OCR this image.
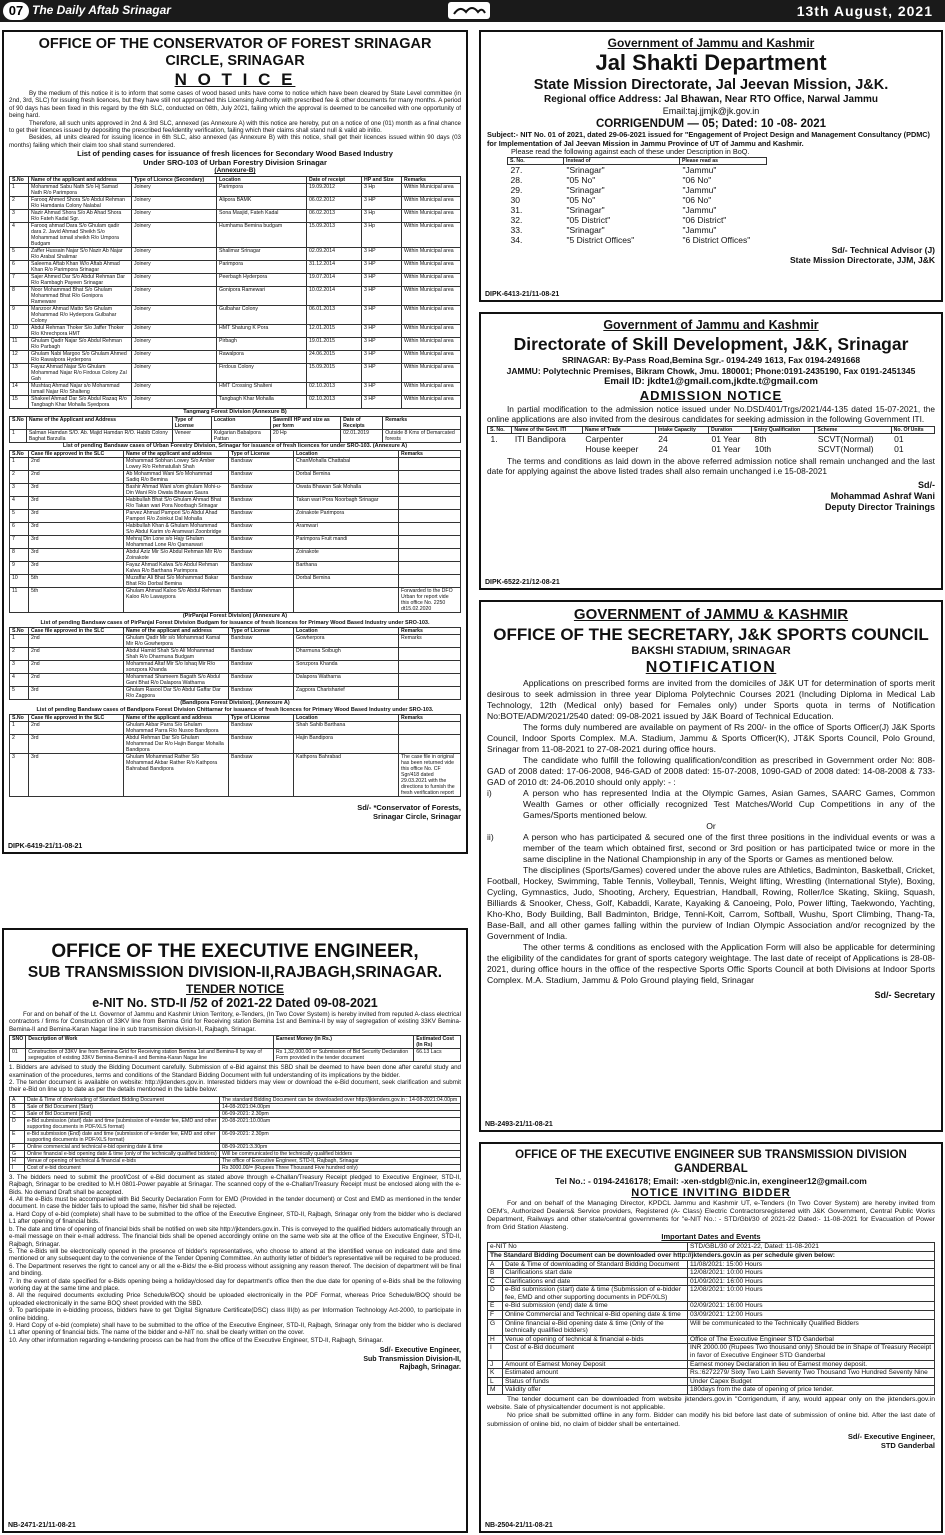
07 The Daily Aftab Srinagar	13th August, 2021
OFFICE OF THE CONSERVATOR OF FOREST SRINAGAR CIRCLE, SRINAGAR
N O T I C E

By the medium of this notice it is to inform that some cases of wood based units have come to notice which have been cleared by State Level committee (in 2nd, 3rd, SLC) for issuing fresh licences, but they have still not approached this Licensing Authority with prescribed fee & other documents for many months. A period of 90 days has been fixed in this regard by the 6th SLC, conducted on 08th, July 2021, failing which the approval is deemed to be cancelled with one opportunity of being hard.

Therefore, all such units approved in 2nd & 3rd SLC, annexed (as Annexure A) with this notice are hereby, put on a notice of one (01) month as a final chance to get their licences issued by depositing the prescribed fee/identity verification, failing which their claims shall stand null & valid ab initio.

Besides, all units cleared for issuing licence in 6th SLC, also annexed (as Annexure B) with this notice, shall get their licences issued within 90 days (03 months) failing which their claim too shall stand surrendered.

List of pending cases for issuance of fresh licences for Secondary Wood Based Industry
Under SRO-103 of Urban Forestry Division Srinagar
(Annexure-B)
S.No	Name of the applicant and address	Type of Licence (Secondary)	Location	Date of receipt	HP and Size	Remarks
1	Mohammad Sabu Nath S/o Hj Samad Nath R/o Parimpora	Joinery	Parimpora	19.09.2012	3 Hp	Within Municipal area
2	Farooq Ahmed Shora S/o Abdul Rehman R/o Hamdania Colony Nalabal	Joinery	Alipora BAMK	06.02.2012	3 HP	Within Municipal area
3	Nazir Ahmad Shora S/o Ab Ahad Shora R/o Fateh Kadal Sgr.	Joinery	Sona Masjid, Fateh Kadal	06.02.2013	3 Hp	Within Municipal area
4	Farooq ahmad Dara S/o Ghulam qadir dara 2. Javid Ahmad Sheikh S/o Mohammad ismail sheikh R/o Umpora Budgam	Joinery	Humhama Bemina budgam	15.09.2013	3 Hp	Within Municipal area
5	Zaffer Hussain Najar S/o Nazir Ab Najar R/o Arabal Shalimar	Joinery	Shalimar Srinagar	02.09.2014	3 HP	Within Municipal area
6	Saleema Aftab Khan W/o Aftab Ahmad Khan R/o Parimpora Srinagar	Joinery	Parimpora	31.12.2014	3 HP	Within Municipal area
7	Sajer Ahmed Dar S/o Abdul Rehman Dar R/o Rambagh Payeen Srinagar	Joinery	Peerbagh Hyderpora	19.07.2014	3 HP	Within Municipal area
8	Noor Mohammad Bhat S/o Ghulam Mohammad Bhat R/o Gonipora Rameware	Joinery	Gonipora Ramewari	10.02.2014	3 HP	Within Municipal area
9	Manzoor Ahmad Matto S/o Ghulam Mohammad R/o Hyderpora Gulbahar Colony	Joinery	Gulbahar Colony	06.01.2013	3 HP	Within Municipal area
10	Abdul Rehman Thoker S/o Jaffer Thoker R/o Khrechpora HMT	Joinery	HMT Shatung K Pora	12.01.2015	3 HP	Within Municipal area
11	Ghulam Qadir Najar S/o Abdul Rehman R/o Parbagh	Joinery	Pirbagh	19.01.2015	3 HP	Within Municipal area
12	Ghulam Nabi Margoo S/o Ghulam Ahmed R/o Rawalpora Hyderpora	Joinery	Rawalpora	24.06.2015	3 HP	Within Municipal area
13	Fayaz Ahmad Najar S/o Ghulam Mohammad Najar R/o Firdous Colony Zal Gah	Joinery	Firdous Colony	15.09.2015	3 HP	Within Municipal area
14	Mushtaq Ahmad Najar s/o Mohammad Ismail Najar R/o Shalteng	Joinery	HMT Crossing Shalteni	02.10.2013	3 HP	Within Municipal area
15	Shakeel Ahmad Dar S/o Abdul Razaq R/o Tangbagh Khar Mohalla Syedpora	Joinery	Tangbagh Khar Mohalla	02.10.2013	3 HP	Within Municipal area
Tangmarg Forest Division (Annexure B)
S.No	Name of the Applicant and Address	Type of License	Location	Sawmill HP and size as per form	Date of Receipts	Remarks
1	Salman Hamdan S/O. Ab. Majid Hamdan R/O. Habib Colony Baghat Barzulla	Veneer	Kulgarian Babalpora Pattan	20 Hp	02.01.2019	Outside 8 Kms of Demarcated forests
List of pending Bandsaw cases of Urban Forestry Division, Srinagar for issuance of fresh licences for under SRO-103. (Annexure A)
S.No	Case file approved in the SLC	Name of the applicant and address	Type of License	Location	Remarks
1	2nd	Mohammad Sobhan Lowey S/o Amber Lowey R/o Rehmatullah Shah	Bandsaw	ChanMohalla Chattabal	
2	2nd	Ab Mohammad Wani S/o Mohammad Sadiq R/o Bemina	Bandsaw	Dorbal Bemina	
3	3rd	Bashir Ahmad Wani s/om ghulam Mohi-u-Din Wani R/o Owata Bhawan Saura	Bandsaw	Owata Bhawan Sak Mohalla	
4	3rd	Habibullah Bhat S/o Ghulam Ahmad Bhat R/o Takan wari Pora Noorbagh Srinagar	Bandsaw	Takan wari Pora Noorbagh Srinagar	
5	3rd	Parvez Ahmad Pampori S/o Abdul Ahad Pampori R/o Zoinkut Dal Mohalla	Bandsaw	Zoinakote Parimpora	
6	3rd	Habibullah Khan & Ghulam Mohammad S/o Abdul Karim r/o Aramwari Zoonbridge	Bandsaw	Aramwari	
7	3rd	Mehraj Din Lone s/o Hajy Ghulam Mohammad Lone R/o Qamarwari	Bandsaw	Parimpora Fruit mandi	
8	3rd	Abdul Aziz Mir S/o Abdul Rehman Mir R/o Zoinakote	Bandsaw	Zoinakote	
9	3rd	Fayaz Ahmad Kalwa S/o Abdul Rehman Kalwa R/o Barthana Parimpora	Bandsaw	Barthana	
10	5th	Muzaffar Ali Bhat S/o Mohammad Bakar Bhat R/o Dorbal Bemina	Bandsaw	Dorbal Bemina	
11	5th	Ghulam Ahmad Kaloo S/o Abdul Rehman Kaloo R/o Lawaypora	Bandsaw		Forwarded to the DFO Urban for report vide this office No. 2250 dt15.02.2020
(PirPanjal Forest Division) (Annexure A)
List of pending Bandsaw cases of PirPanjal Forest Division Budgam for issuance of fresh licences for Primary Wood Based Industry under SRO-103.
S.No	Case file approved in the SLC	Name of the applicant and address	Type of License	Location	Remarks
1	2nd	Ghulam Qadir Mir s/o Mohammad Kamal Mir R/o Gowherpora	Bandsaw	Gowherpora	Remarks
2	2nd	Abdul Hamid Shah S/o Ali Mohammad Shah R/o Dharmuna Budgam	Bandsaw	Dharmuna Soibugh	
3	2nd	Mohammad Altaf Mir S/o Ishaq Mir R/o sonzpora Khanda	Bandsaw	Sonzpora Khanda	
4	2nd	Mohammad Shameem Bagath S/o Abdul Gani Bhat R/o Dalapora Watharna	Bandsaw	Dalapora Watharna	
5	3rd	Ghulam Rasool Dar S/o Abdul Gaffar Dar R/o Zagpora	Bandsaw	Zagpora Charisharief	
(Bandipora Forest Division), (Annexure A)
List of pending Bandsaw cases of Bandipora Forest Division Chittarnar for issuance of fresh licences for Primary Wood Based Industry under SRO-103.
S.No	Case file approved in the SLC	Name of the applicant and address	Type of License	Location	Remarks
1	2nd	Ghulam Akbar Parra S/o Ghulam Mohammad Parra R/o Nusoo Bandipora	Bandsaw	Shah Sahib Barthana	
2	3rd	Abdul Rehman Dar S/o Ghulam Mohammad Dar R/o Hajin Bangar Mohalla Bandipora	Bandsaw	Hajin Bandipora	
3	3rd	Ghulam Mohammad Rather S/o Mohammad Akbar Rather R/o Kathpora Bahrabad Bandipora	Bandsaw	Kathpora Bahrabad	The case file in original has been returned vide this office No. CF Sgr/418 dated 29.03.2021 with the directions to furnish the fresh verification report
Sd/- *Conservator of Forests,
Srinagar Circle, Srinagar
DIPK-6419-21/11-08-21
OFFICE OF THE EXECUTIVE ENGINEER,
SUB TRANSMISSION DIVISION-II,RAJBAGH,SRINAGAR.
TENDER NOTICE
e-NIT No. STD-II /52 of 2021-22 Dated 09-08-2021

For and on behalf of the Lt. Governor of Jammu and Kashmir Union Territory, e-Tenders, (In Two Cover System) is hereby invited from reputed A-class electrical contractors / firms for Construction of 33KV line from Bemina Grid for Receiving station Bemina 1st and Bemina-II by way of segregation of existing 33KV Bemina-Bemina-II and Bemina-Karan Nagar line in sub transmission division-II, Rajbagh, Srinagar.

SNO	Description of Work	Earnest Money (in Rs.)	Estimated Cost (In Rs)
01	Construction of 33KV line from Bemina Grid for Receiving station Bemina 1st and Bemina-II by way of segregation of existing 33KV Bemina-Bemina-II and Bemina-Karan Nagar line	Rs 1,32,000.00 or Submission of Bid Security Declaration Form provided in the tender document	66.13 Lacs

1. Bidders are advised to study the Bidding Document carefully. Submission of e-Bid against this SBD shall be deemed to have been done after careful study and examination of the procedures, terms and conditions of the Standard Bidding Document with full understanding of its implications by the bidder.

2. The tender document is available on website: http://jktenders.gov.in. Interested bidders may view or download the e-Bid document, seek clarification and submit their e-Bid on line up to date as per the details mentioned in the table below:

A	Date & Time of downloading of Standard Bidding Document	The standard Bidding Document can be downloaded over http://jktenders.gov.in : 14-08-2021:04.00pm
B	Sale of Bid Document (Start)	14-08-2021:04.00pm
C	Sale of Bid Document (End)	06-09-2021: 2.30pm
D	e-Bid submission (start) date and time (submission of e-tender fee, EMD and other supporting documents in PDF/XLS format)	20-08-2021:10.00am
E	e-Bid submission (End) date and time (submission of e-tender fee, EMD and other supporting documents in PDF/XLS format)	06-09-2021: 2.30pm
F	Online commercial and technical e-bid opening date & time	08-09-2021:3.30pm
G	Online financial e-bid opening date & time (only of the technically qualified bidders)	Will be communicated to the technically qualified bidders
H	Venue of opening of technical & financial e-bids	The office of Executive Engineer, STD-II, Rajbagh, Srinagar
I	Cost of e-bid document	Rs 3000.00/= (Rupees Three Thousand Five hundred only)

3. The bidders need to submit the proof/Cost of e-Bid document as stated above through e-Challan/Treasury Receipt pledged to Executive Engineer, STD-II, Rajbagh, Srinagar to be credited to M.H 0801-Power payable at Srinagar. The scanned copy of the e-Challan/Treasury Receipt must be enclosed along with the e-Bids. No demand Draft shall be accepted.

4. All the e-Bids must be accompanied with Bid Security Declaration Form for EMD (Provided in the tender document) or Cost and EMD as mentioned in the tender document. In case the bidder fails to upload the same, his/her bid shall be rejected.

a. Hard Copy of e-bid (complete) shall have to be submitted to the office of the Executive Engineer, STD-II, Rajbagh, Srinagar only from the bidder who is declared L1 after opening of financial bids.

b. The date and time of opening of financial bids shall be notified on web site http://jktenders.gov.in. This is conveyed to the qualified bidders automatically through an e-mail message on their e-mail address. The financial bids shall be opened accordingly online on the same web site at the office of the Executive Engineer, STD-II, Rajbagh, Srinagar.

5. The e-Bids will be electronically opened in the presence of bidder's representatives, who choose to attend at the identified venue on indicated date and time mentioned or any subsequent day to the convenience of the Tender Opening Committee. An authority letter of bidder's representative will be required to be produced.

6. The Department reserves the right to cancel any or all the e-Bids/ the e-Bid process without assigning any reason thereof. The decision of department will be final and binding.

7. In the event of date specified for e-Bids opening being a holiday/closed day for department's office then the due date for opening of e-Bids shall be the following working day at the same time and place.

8. All the required documents excluding Price Schedule/BOQ should be uploaded electronically in the PDF Format, whereas Price Schedule/BOQ should be uploaded electronically in the same BOQ sheet provided with the SBD.

9. To participate in e-bidding process, bidders have to get 'Digital Signature Certificate(DSC) class III(b) as per Information Technology Act-2000, to participate in online bidding.

9. Hard Copy of e-bid (complete) shall have to be submitted to the office of the Executive Engineer, STD-II, Rajbagh, Srinagar only from the bidder who is declared L1 after opening of financial bids. The name of the bidder and e-NIT no. shall be clearly written on the cover.

10. Any other information regarding e-tendering process can be had from the office of the Executive Engineer, STD-II, Rajbagh, Srinagar.

Sd/- Executive Engineer,
Sub Transmission Division-II,
Rajbagh, Srinagar.
NB-2471-21/11-08-21
Government of Jammu and Kashmir
Jal Shakti Department
State Mission Directorate, Jal Jeevan Mission, J&K.
Regional office Address: Jal Bhawan, Near RTO Office, Narwal Jammu
Email:taj.jjmjk@jk.gov.in
CORRIGENDUM — 05; Dated: 10 -08- 2021

Subject:- NIT No. 01 of 2021, dated 29-06-2021 issued for "Engagement of Project Design and Management Consultancy (PDMC) for Implementation of Jal Jeevan Mission in Jammu Province of UT of Jammu and Kashmir.

Please read the following against each of these under Description in BoQ.

S. No.	Instead of	Please read as
27.	"Srinagar"	"Jammu"
28.	"05 No"	"06 No"
29.	"Srinagar"	"Jammu"
30	"05 No"	"06 No"
31.	"Srinagar"	"Jammu"
32.	"05 District"	"06 District"
33.	"Srinagar"	"Jammu"
34.	"5 District Offices"	"6 District Offices"
Sd/- Technical Advisor (J)
State Mission Directorate, JJM, J&K
DIPK-6413-21/11-08-21
Government of Jammu and Kashmir
Directorate of Skill Development, J&K, Srinagar
SRINAGAR: By-Pass Road,Bemina Sgr.- 0194-249 1613, Fax 0194-2491668
JAMMU: Polytechnic Premises, Bikram Chowk, Jmu. 180001; Phone:0191-2435190, Fax 0191-2451345
Email ID: jkdte1@gmail.com,jkdte.t@gmail.com
ADMISSION NOTICE

In partial modification to the admission notice issued under No.DSD/401/Trgs/2021/44-135 dated 15-07-2021, the online applications are also invited from the desirous candidates for seeking admission in the following Government ITI.

S. No.	Name of the Govt. ITI	Name of Trade	Intake Capacity	Duration	Entry Qualification	Scheme	No. Of Units
1.	ITI Bandipora	Carpenter	24	01 Year	8th	SCVT(Normal)	01
		House keeper	24	01 Year	10th	SCVT(Normal)	01

The terms and conditions as laid down in the above referred admission notice shall remain unchanged and the last date for applying against the above listed trades shall also remain unchanged i.e 15-08-2021

Sd/-
Mohammad Ashraf Wani
Deputy Director Trainings
DIPK-6522-21/12-08-21
GOVERNMENT of JAMMU & KASHMIR
OFFICE OF THE SECRETARY, J&K SPORTS COUNCIL
BAKSHI STADIUM, SRINAGAR
NOTIFICATION

Applications on prescribed forms are invited from the domiciles of J&K UT for determination of sports merit desirous to seek admission in three year Diploma Polytechnic Courses 2021 (Including Diploma in Medical Lab Technology, 12th (Medical only) based for Females only) under Sports quota in terms of Notification No:BOTE/ADM/2021/2540 dated: 09-08-2021 issued by J&K Board of Technical Education.

The forms duly numbered are available on payment of Rs 200/- in the office of Sports Officer(J) J&K Sports Council, Indoor Sports Complex. M.A. Stadium, Jammu & Sports Officer(K), JT&K Sports Council, Polo Ground, Srinagar from 11-08-2021 to 27-08-2021 during office hours.

The candidate who fulfill the following qualification/condition as prescribed in Government order No: 808-GAD of 2008 dated: 17-06-2008, 946-GAD of 2008 dated: 15-07-2008, 1090-GAD of 2008 dated: 14-08-2008 & 733-GAD of 2010 dt: 24-06.2010 should only apply: - :

i)	A person who has represented India at the Olympic Games, Asian Games, SAARC Games, Common Wealth Games or other officially recognized Test Matches/World Cup Competitions in any of the Games/Sports mentioned below.
Or
ii)	A person who has participated & secured one of the first three positions in the individual events or was a member of the team which obtained first, second or 3rd position or has participated twice or more in the same discipline in the National Championship in any of the Sports or Games as mentioned below.

The disciplines (Sports/Games) covered under the above rules are Athletics, Badminton, Basketball, Cricket, Football, Hockey, Swimming, Table Tennis, Volleyball, Tennis, Weight lifting, Wrestling (International Style), Boxing, Cycling, Gymnastics, Judo, Shooting, Archery, Equestrian, Handball, Rowing, Roller/Ice Skating, Skiing, Squash, Billiards & Snooker, Chess, Golf, Kabaddi, Karate, Kayaking & Canoeing, Polo, Power lifting, Taekwondo, Yachting, Kho-Kho, Body Building, Ball Badminton, Bridge, Tenni-Koit, Carrom, Softball, Wushu, Sport Climbing, Thang-Ta, Base-Ball, and all other games falling within the purview of Indian Olympic Association and/or recognized by the Government of India.

The other terms & conditions as enclosed with the Application Form will also be applicable for determining the eligibility of the candidates for grant of sports category weightage. The last date of receipt of Applications is 28-08-2021, during office hours in the office of the respective Sports Offic Sports Council at both Divisions at Indoor Sports Complex. M.A. Stadium, Jammu & Polo Ground playing field, Srinagar

Sd/- Secretary
NB-2493-21/11-08-21
OFFICE OF THE EXECUTIVE ENGINEER SUB TRANSMISSION DIVISION GANDERBAL
Tel No.: - 0194-2416178; Email: -xen-stdgbl@nic.in, exengineer12@gmail.com
NOTICE INVITING BIDDER

For and on behalf of the Managing Director, KPDCL Jammu and Kashmir UT, e-Tenders (In Two Cover System) are hereby invited from OEM's, Authorized Dealers& Service providers, Registered (A- Class) Electric Contractorsregistered with J&K Government, Central Public Works Department, Railways and other state/central governments for "e-NIT No.: - STD/Gbl/30 of 2021-22 Dated:- 11-08-2021 for Evacuation of Power from Grid Station Alasteng.

Important Dates and Events
e-NIT No		STD/GBL/30 of 2021-22, Dated: 11-08-2021
The Standard Bidding Document can be downloaded over http://jktenders.gov.in as per schedule given below:		
A	Date & Time of downloading of Standard Bidding Document	11/08/2021: 15:00 Hours
B	Clarifications start date	12/08/2021: 10:00 Hours
C	Clarifications end date	01/09/2021: 16:00 Hours
D	e-Bid submission (start) date & time (Submission of e-bidder fee, EMD and other supporting documents in PDF/XLS)	12/08/2021: 10:00 Hours
E	e-Bid submission (end) date & time	02/09/2021: 16:00 Hours
F	Online Commercial and Technical e-Bid opening date & time	03/09/2021: 12:00 Hours
G	Online financial e-Bid opening date & time (Only of the technically qualified bidders)	Will be communicated to the Technically Qualified Bidders
H	Venue of opening of technical & financial e-bids	Office of The Executive Engineer STD Ganderbal
I	Cost of e-Bid document	INR 2000.00 (Rupees Two thousand only) Should be in Shape of Treasury Receipt in favor of Executive Engineer STD Ganderbal
J	Amount of Earnest Money Deposit	Earnest money Declaration in lieu of Earnest money deposit.
K	Estimated amount	Rs.:6272279/ Sixty Two Lakh Seventy Two Thousand Two Hundred Seventy Nine
L	Status of funds	Under Capex Budget
M	Validity offer	180days from the date of opening of price tender.

The tender document can be downloaded from website jktenders.gov.in "Corrigendum, if any, would appear only on the jktenders.gov.in website. Sale of physicaltender document is not applicable.

No price shall be submitted offline in any form. Bidder can modify his bid before last date of submission of online bid. After the last date of submission of online bid, no claim of bidder shall be entertained.

Sd/- Executive Engineer,
STD Ganderbal
NB-2504-21/11-08-21
